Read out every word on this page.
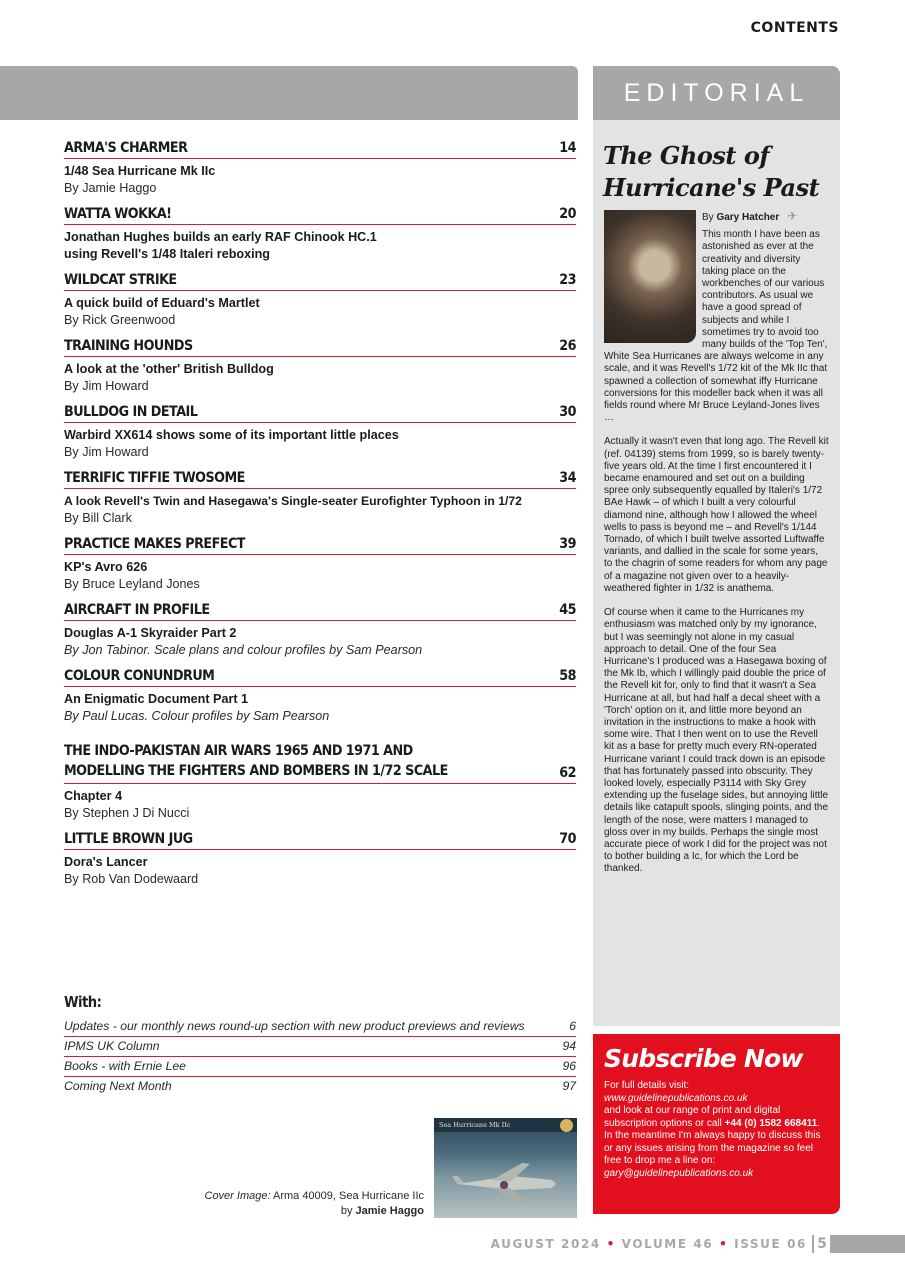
CONTENTS
ARMA'S CHARMER	14
1/48 Sea Hurricane Mk IIc
By Jamie Haggo
WATTA WOKKA!	20
Jonathan Hughes builds an early RAF Chinook HC.1
using Revell's 1/48 Italeri reboxing
WILDCAT STRIKE	23
A quick build of Eduard's Martlet
By Rick Greenwood
TRAINING HOUNDS	26
A look at the 'other' British Bulldog
By Jim Howard
BULLDOG IN DETAIL	30
Warbird XX614 shows some of its important little places
By Jim Howard
TERRIFIC TIFFIE TWOSOME	34
A look Revell's Twin and Hasegawa's Single-seater Eurofighter Typhoon in 1/72
By Bill Clark
PRACTICE MAKES PREFECT	39
KP's Avro 626
By Bruce Leyland Jones
AIRCRAFT IN PROFILE	45
Douglas A-1 Skyraider Part 2
By Jon Tabinor. Scale plans and colour profiles by Sam Pearson
COLOUR CONUNDRUM	58
An Enigmatic Document Part 1
By Paul Lucas. Colour profiles by Sam Pearson
THE INDO-PAKISTAN AIR WARS 1965 AND 1971 AND
MODELLING THE FIGHTERS AND BOMBERS IN 1/72 SCALE	62
Chapter 4
By Stephen J Di Nucci
LITTLE BROWN JUG	70
Dora's Lancer
By Rob Van Dodewaard
With:
Updates - our monthly news round-up section with new product previews and reviews	6
IPMS UK Column	94
Books - with Ernie Lee	96
Coming Next Month	97
Cover Image: Arma 40009, Sea Hurricane IIc
by Jamie Haggo
Sea Hurricane Mk IIc
EDITORIAL
The Ghost of Hurricane's Past
By Gary Hatcher ✈

This month I have been as astonished as ever at the creativity and diversity taking place on the workbenches of our various contributors. As usual we have a good spread of subjects and while I sometimes try to avoid too many builds of the 'Top Ten', White Sea Hurricanes are always welcome in any scale, and it was Revell's 1/72 kit of the Mk IIc that spawned a collection of somewhat iffy Hurricane conversions for this modeller back when it was all fields round where Mr Bruce Leyland-Jones lives …

Actually it wasn't even that long ago. The Revell kit (ref. 04139) stems from 1999, so is barely twenty-five years old. At the time I first encountered it I became enamoured and set out on a building spree only subsequently equalled by Italeri's 1/72 BAe Hawk – of which I built a very colourful diamond nine, although how I allowed the wheel wells to pass is beyond me – and Revell's 1/144 Tornado, of which I built twelve assorted Luftwaffe variants, and dallied in the scale for some years, to the chagrin of some readers for whom any page of a magazine not given over to a heavily-weathered fighter in 1/32 is anathema.

Of course when it came to the Hurricanes my enthusiasm was matched only by my ignorance, but I was seemingly not alone in my casual approach to detail. One of the four Sea Hurricane's I produced was a Hasegawa boxing of the Mk Ib, which I willingly paid double the price of the Revell kit for, only to find that it wasn't a Sea Hurricane at all, but had half a decal sheet with a 'Torch' option on it, and little more beyond an invitation in the instructions to make a hook with some wire. That I then went on to use the Revell kit as a base for pretty much every RN-operated Hurricane variant I could track down is an episode that has fortunately passed into obscurity. They looked lovely, especially P3114 with Sky Grey extending up the fuselage sides, but annoying little details like catapult spools, slinging points, and the length of the nose, were matters I managed to gloss over in my builds. Perhaps the single most accurate piece of work I did for the project was not to bother building a Ic, for which the Lord be thanked.

Subscribe Now
For full details visit:
www.guidelinepublications.co.uk
and look at our range of print and digital subscription options or call +44 (0) 1582 668411. In the meantime I'm always happy to discuss this or any issues arising from the magazine so feel free to drop me a line on:
gary@guidelinepublications.co.uk
AUGUST 2024 • VOLUME 46 • ISSUE 06 5
